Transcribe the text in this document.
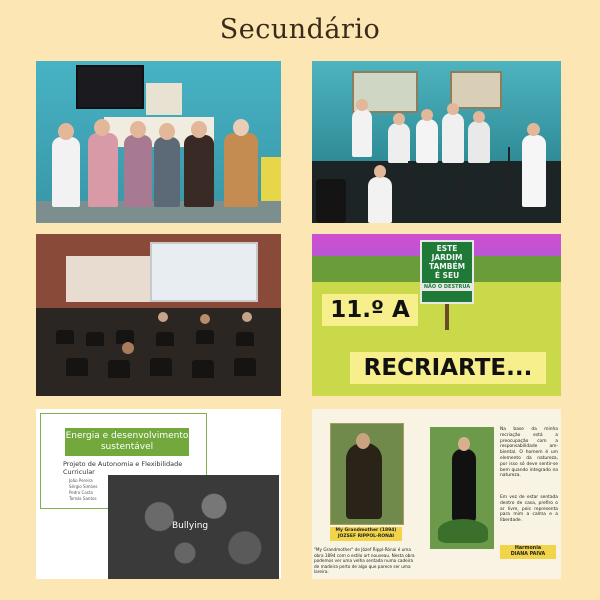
Secundário
ESTE JARDIM
TAMBÉM
É SEU
NÃO O DESTRUA
11.º A
RECRIARTE...
Energia e desenvolvimento sustentável
Projeto de Autonomia e Flexibilidade Curricular
João Pereira
Sérgio Simões
Pedro Costa
Tomás Santos
Bullying	My Grandmother (1894)
JOZSEF RIPPOL-RONAI
"My Grandmother" de Józef Rippl-Rónai é uma obra 1894 com o estilo art nouveau. Nesta obra podemos ver uma velha sentada numa cadeira de madeira perto de algo que parece ser uma lareira.
Na base da minha recriação está a preocupação com a responsabilidade am-biental. O homem é um elemento da natureza, por isso só deve sentir-se bem quando integrado na natureza.
Em vez de estar sentada dentro de casa, prefiro o ar livre, pois representa para mim a calma e a liberdade.
Harmonia
DIANA PAIVA
